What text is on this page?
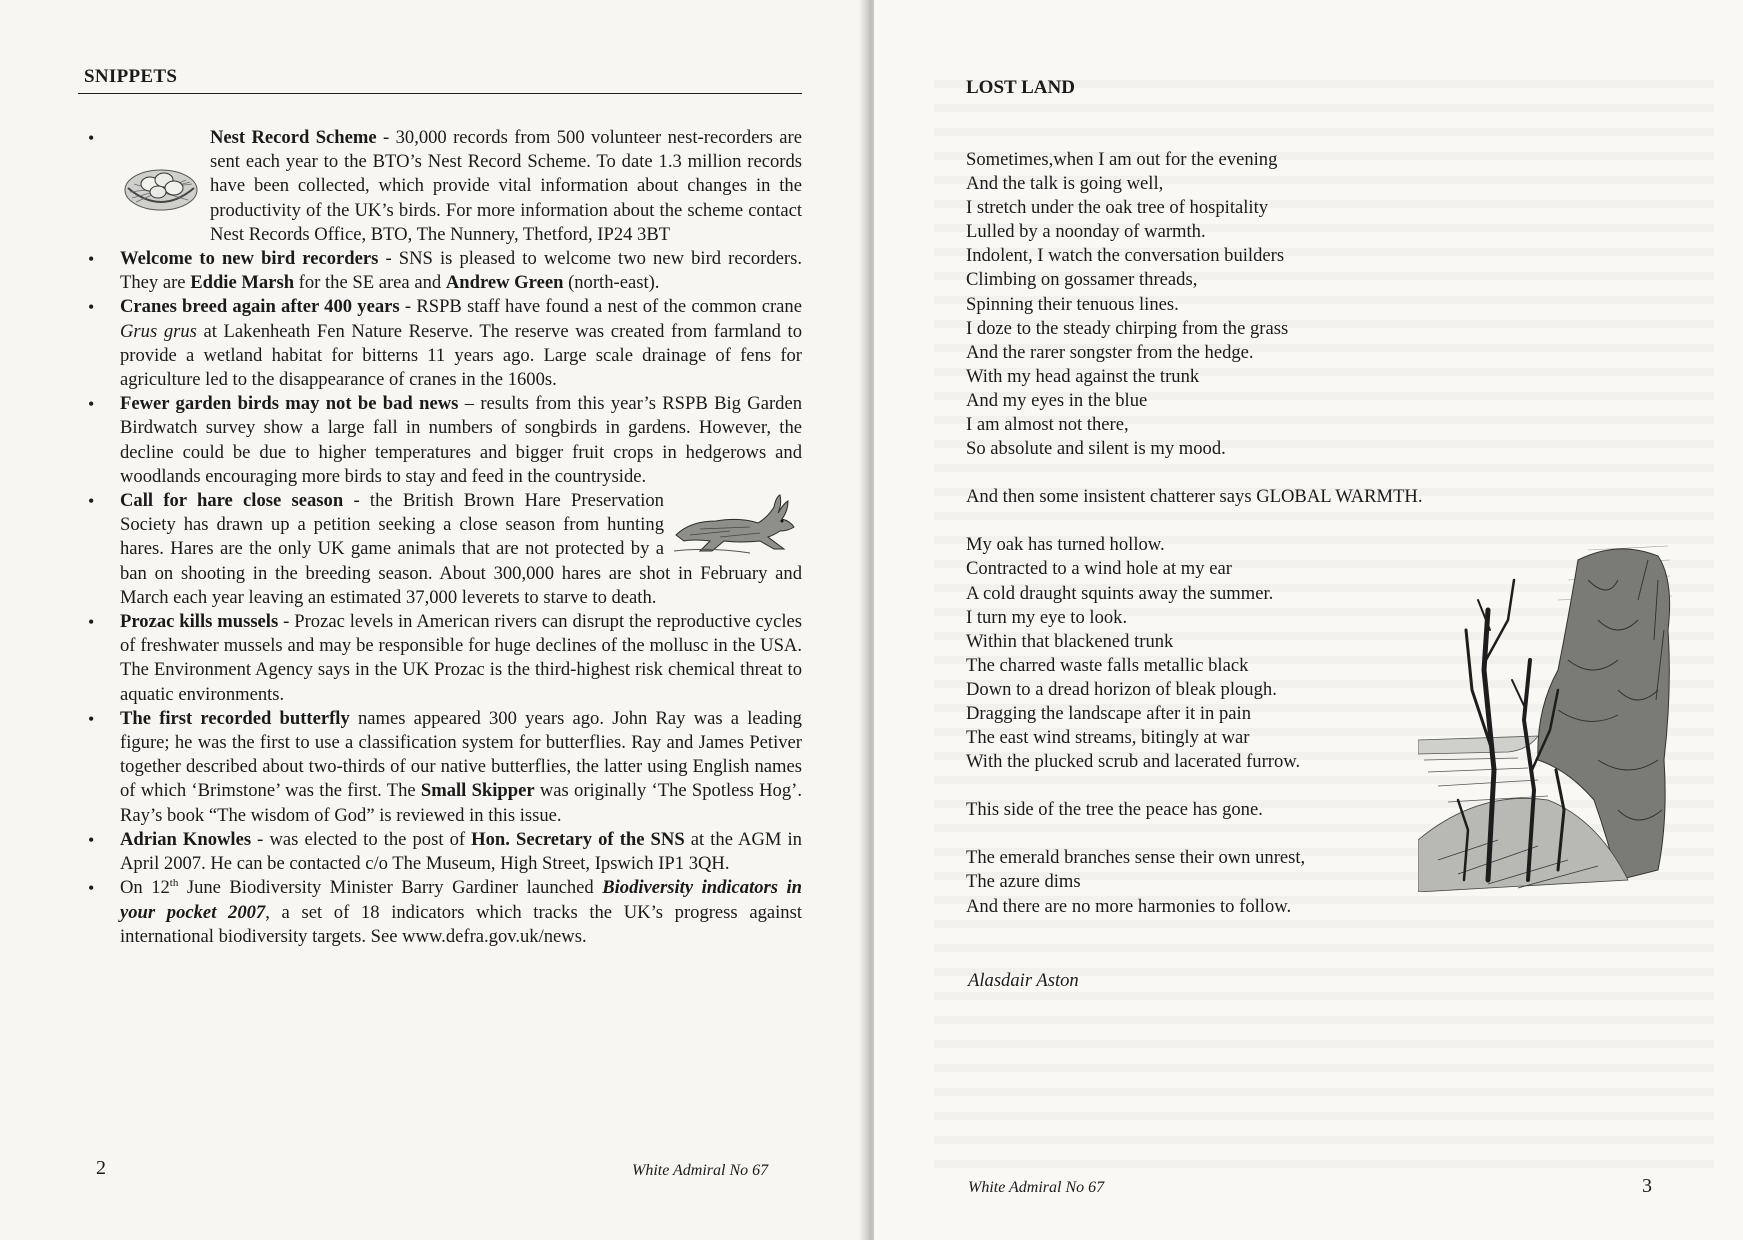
SNIPPETS
• Nest Record Scheme -
30,000 records from 500 volunteer nest-recorders are sent each year to the BTO’s Nest Record Scheme. To date 1.3 million records have been collected, which provide vital information about changes in the productivity of the UK’s birds. For more information about the scheme contact Nest Records Office, BTO, The Nunnery, Thetford, IP24 3BT
• Welcome to new bird recorders - SNS is pleased to welcome two new bird recorders. They are Eddie Marsh for the SE area and Andrew Green (north-east).
• Cranes breed again after 400 years - RSPB staff have found a nest of the common crane Grus grus at Lakenheath Fen Nature Reserve. The reserve was created from farmland to provide a wetland habitat for bitterns 11 years ago. Large scale drainage of fens for agriculture led to the disappearance of cranes in the 1600s.
• Fewer garden birds may not be bad news – results from this year’s RSPB Big Garden Birdwatch survey show a large fall in numbers of songbirds in gardens. However, the decline could be due to higher temperatures and bigger fruit crops in hedgerows and woodlands encouraging more birds to stay and feed in the countryside.
• Call for hare close season - the British Brown Hare Preservation Society has drawn up a petition seeking a close season from hunting hares. Hares are the only UK game animals that are not protected by a ban on shooting in the breeding season. About 300,000 hares are shot in February and March each year leaving an estimated 37,000 leverets to starve to death.
• Prozac kills mussels - Prozac levels in American rivers can disrupt the reproductive cycles of freshwater mussels and may be responsible for huge declines of the mollusc in the USA. The Environment Agency says in the UK Prozac is the third-highest risk chemical threat to aquatic environments.
• The first recorded butterfly names appeared 300 years ago. John Ray was a leading figure; he was the first to use a classification system for butterflies. Ray and James Petiver together described about two-thirds of our native butterflies, the latter using English names of which ‘Brimstone’ was the first. The Small Skipper was originally ‘The Spotless Hog’. Ray’s book “The wisdom of God” is reviewed in this issue.
• Adrian Knowles - was elected to the post of Hon. Secretary of the SNS at the AGM in April 2007. He can be contacted c/o The Museum, High Street, Ipswich IP1 3QH.
• On 12th June Biodiversity Minister Barry Gardiner launched Biodiversity indicators in your pocket 2007, a set of 18 indicators which tracks the UK’s progress against international biodiversity targets. See www.defra.gov.uk/news.
2	White Admiral No 67
LOST LAND
Sometimes,when I am out for the evening
And the talk is going well,
I stretch under the oak tree of hospitality
Lulled by a noonday of warmth.
Indolent, I watch the conversation builders
Climbing on gossamer threads,
Spinning their tenuous lines.
I doze to the steady chirping from the grass
And the rarer songster from the hedge.
With my head against the trunk
And my eyes in the blue
I am almost not there,
So absolute and silent is my mood.
And then some insistent chatterer says GLOBAL WARMTH.
My oak has turned hollow.
Contracted to a wind hole at my ear
A cold draught squints away the summer.
I turn my eye to look.
Within that blackened trunk
The charred waste falls metallic black
Down to a dread horizon of bleak plough.
Dragging the landscape after it in pain
The east wind streams, bitingly at war
With the plucked scrub and lacerated furrow.
This side of the tree the peace has gone.
The emerald branches sense their own unrest,
The azure dims
And there are no more harmonies to follow.
Alasdair Aston
White Admiral No 67	3
